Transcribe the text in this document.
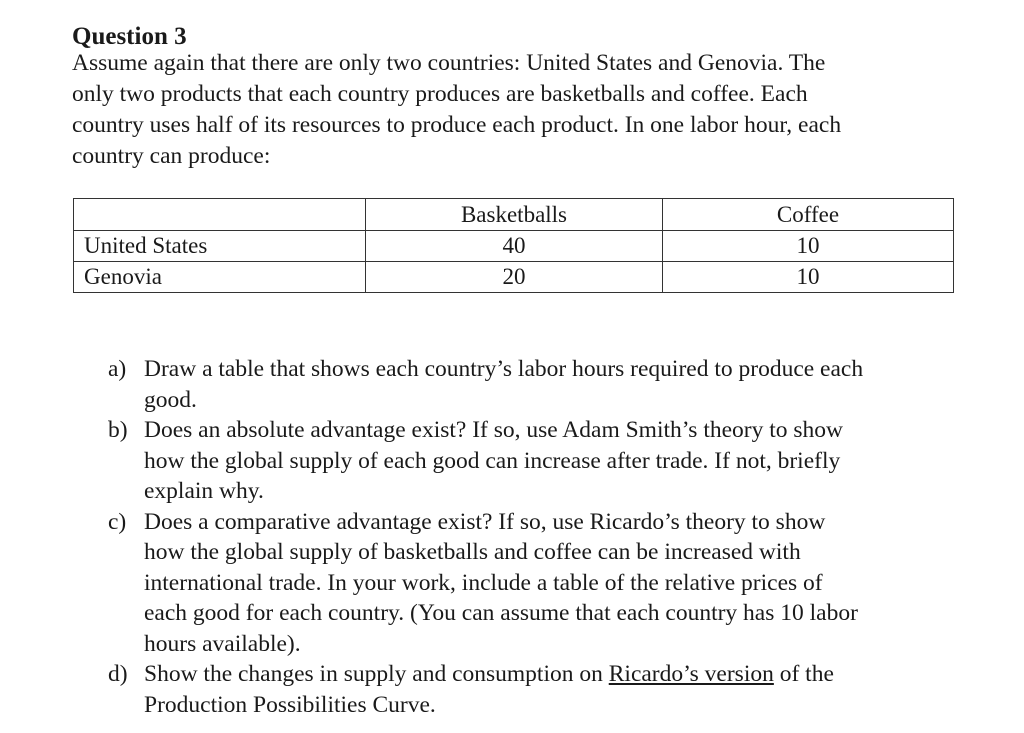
Question 3
Assume again that there are only two countries: United States and Genovia. The
only two products that each country produces are basketballs and coffee. Each
country uses half of its resources to produce each product. In one labor hour, each
country can produce:
	Basketballs	Coffee
United States	40	10
Genovia	20	10
a) Draw a table that shows each country’s labor hours required to produce each
good.
b) Does an absolute advantage exist? If so, use Adam Smith’s theory to show
how the global supply of each good can increase after trade. If not, briefly
explain why.
c) Does a comparative advantage exist? If so, use Ricardo’s theory to show
how the global supply of basketballs and coffee can be increased with
international trade. In your work, include a table of the relative prices of
each good for each country. (You can assume that each country has 10 labor
hours available).
d) Show the changes in supply and consumption on Ricardo’s version of the
Production Possibilities Curve.
